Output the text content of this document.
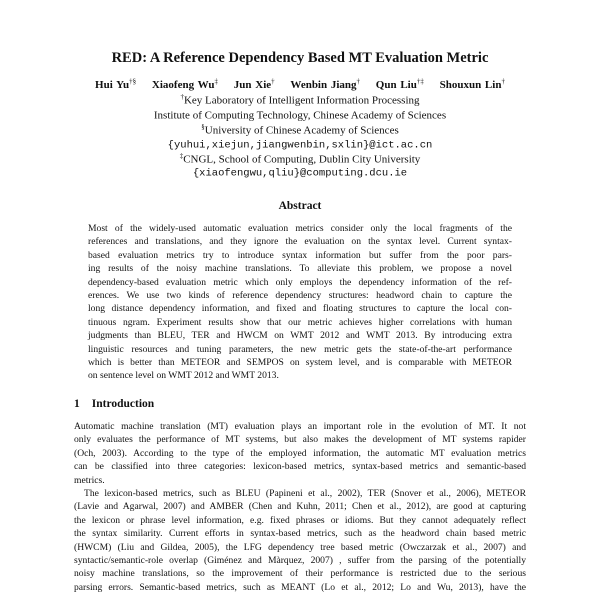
RED: A Reference Dependency Based MT Evaluation Metric
Hui Yu†§ Xiaofeng Wu‡ Jun Xie† Wenbin Jiang† Qun Liu†‡ Shouxun Lin†
†Key Laboratory of Intelligent Information Processing
Institute of Computing Technology, Chinese Academy of Sciences
§University of Chinese Academy of Sciences
{yuhui,xiejun,jiangwenbin,sxlin}@ict.ac.cn
‡CNGL, School of Computing, Dublin City University
{xiaofengwu,qliu}@computing.dcu.ie
Abstract
Most of the widely-used automatic evaluation metrics consider only the local fragments of the
references and translations, and they ignore the evaluation on the syntax level. Current syntax-
based evaluation metrics try to introduce syntax information but suffer from the poor pars-
ing results of the noisy machine translations. To alleviate this problem, we propose a novel
dependency-based evaluation metric which only employs the dependency information of the ref-
erences. We use two kinds of reference dependency structures: headword chain to capture the
long distance dependency information, and fixed and floating structures to capture the local con-
tinuous ngram. Experiment results show that our metric achieves higher correlations with human
judgments than BLEU, TER and HWCM on WMT 2012 and WMT 2013. By introducing extra
linguistic resources and tuning parameters, the new metric gets the state-of-the-art performance
which is better than METEOR and SEMPOS on system level, and is comparable with METEOR
on sentence level on WMT 2012 and WMT 2013.
1 Introduction
Automatic machine translation (MT) evaluation plays an important role in the evolution of MT. It not
only evaluates the performance of MT systems, but also makes the development of MT systems rapider
(Och, 2003). According to the type of the employed information, the automatic MT evaluation metrics
can be classified into three categories: lexicon-based metrics, syntax-based metrics and semantic-based
metrics.
The lexicon-based metrics, such as BLEU (Papineni et al., 2002), TER (Snover et al., 2006), METEOR
(Lavie and Agarwal, 2007) and AMBER (Chen and Kuhn, 2011; Chen et al., 2012), are good at capturing
the lexicon or phrase level information, e.g. fixed phrases or idioms. But they cannot adequately reflect
the syntax similarity. Current efforts in syntax-based metrics, such as the headword chain based metric
(HWCM) (Liu and Gildea, 2005), the LFG dependency tree based metric (Owczarzak et al., 2007) and
syntactic/semantic-role overlap (Giménez and Màrquez, 2007) , suffer from the parsing of the potentially
noisy machine translations, so the improvement of their performance is restricted due to the serious
parsing errors. Semantic-based metrics, such as MEANT (Lo et al., 2012; Lo and Wu, 2013), have the
